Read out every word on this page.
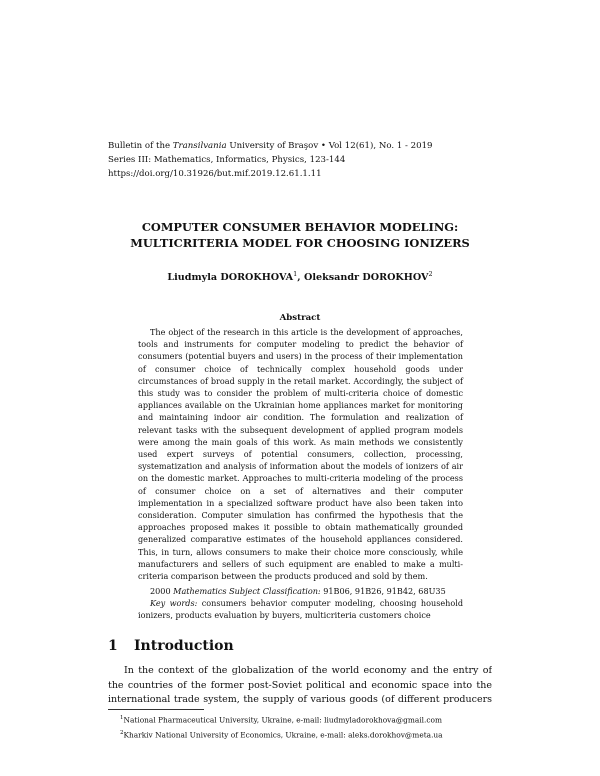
Bulletin of the Transilvania University of Braşov • Vol 12(61), No. 1 - 2019
Series III: Mathematics, Informatics, Physics, 123-144
https://doi.org/10.31926/but.mif.2019.12.61.1.11
COMPUTER CONSUMER BEHAVIOR MODELING:
MULTICRITERIA MODEL FOR CHOOSING IONIZERS
Liudmyla DOROKHOVA$^1$, Oleksandr DOROKHOV$^2$
Abstract

The object of the research in this article is the development of approaches, tools and instruments for computer modeling to predict the behavior of consumers (potential buyers and users) in the process of their implementation of consumer choice of technically complex household goods under circumstances of broad supply in the retail market. Accordingly, the subject of this study was to consider the problem of multi-criteria choice of domestic appliances available on the Ukrainian home appliances market for monitoring and maintaining indoor air condition. The formulation and realization of relevant tasks with the subsequent development of applied program models were among the main goals of this work. As main methods we consistently used expert surveys of potential consumers, collection, processing, systematization and analysis of information about the models of ionizers of air on the domestic market. Approaches to multi-criteria modeling of the process of consumer choice on a set of alternatives and their computer implementation in a specialized software product have also been taken into consideration. Computer simulation has confirmed the hypothesis that the approaches proposed makes it possible to obtain mathematically grounded generalized comparative estimates of the household appliances considered. This, in turn, allows consumers to make their choice more consciously, while manufacturers and sellers of such equipment are enabled to make a multi-criteria comparison between the products produced and sold by them.

2000 Mathematics Subject Classification: 91B06, 91B26, 91B42, 68U35
Key words: consumers behavior computer modeling, choosing household ionizers, products evaluation by buyers, multicriteria customers choice
1 Introduction

In the context of the globalization of the world economy and the entry of the countries of the former post-Soviet political and economic space into the international trade system, the supply of various goods (of different producers

$^1$National Pharmaceutical University, Ukraine, e-mail: liudmyladorokhova@gmail.com
$^2$Kharkiv National University of Economics, Ukraine, e-mail: aleks.dorokhov@meta.ua
